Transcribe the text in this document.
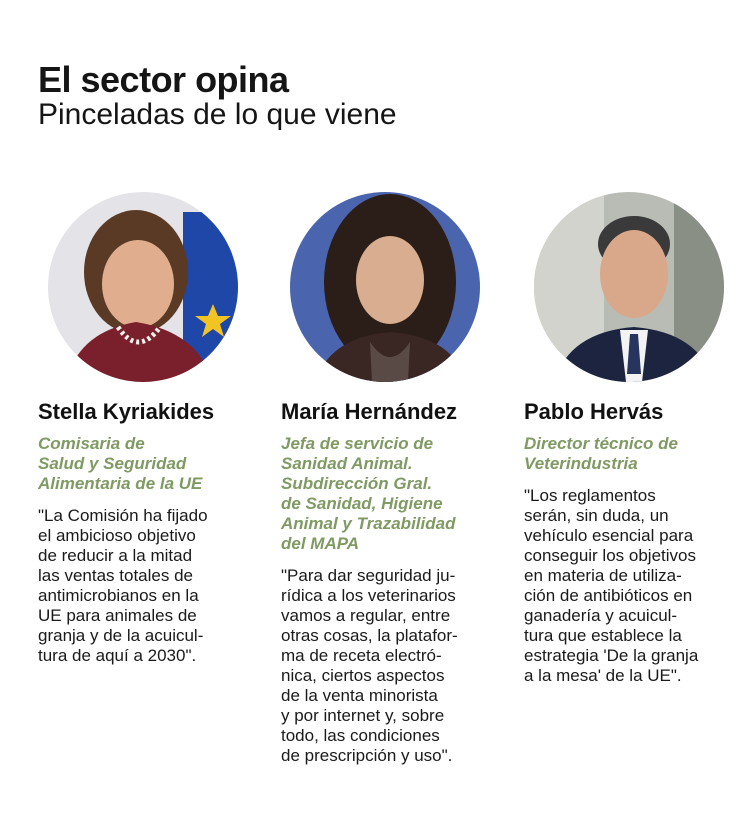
El sector opina
Pinceladas de lo que viene
Stella Kyriakides
Comisaria de
Salud y Seguridad
Alimentaria de la UE
"La Comisión ha fijado
el ambicioso objetivo
de reducir a la mitad
las ventas totales de
antimicrobianos en la
UE para animales de
granja y de la acuicul-
tura de aquí a 2030".
María Hernández
Jefa de servicio de
Sanidad Animal.
Subdirección Gral.
de Sanidad, Higiene
Animal y Trazabilidad
del MAPA
"Para dar seguridad ju-
rídica a los veterinarios
vamos a regular, entre
otras cosas, la platafor-
ma de receta electró-
nica, ciertos aspectos
de la venta minorista
y por internet y, sobre
todo, las condiciones
de prescripción y uso".
Pablo Hervás
Director técnico de
Veterindustria
"Los reglamentos
serán, sin duda, un
vehículo esencial para
conseguir los objetivos
en materia de utiliza-
ción de antibióticos en
ganadería y acuicul-
tura que establece la
estrategia 'De la granja
a la mesa' de la UE".
